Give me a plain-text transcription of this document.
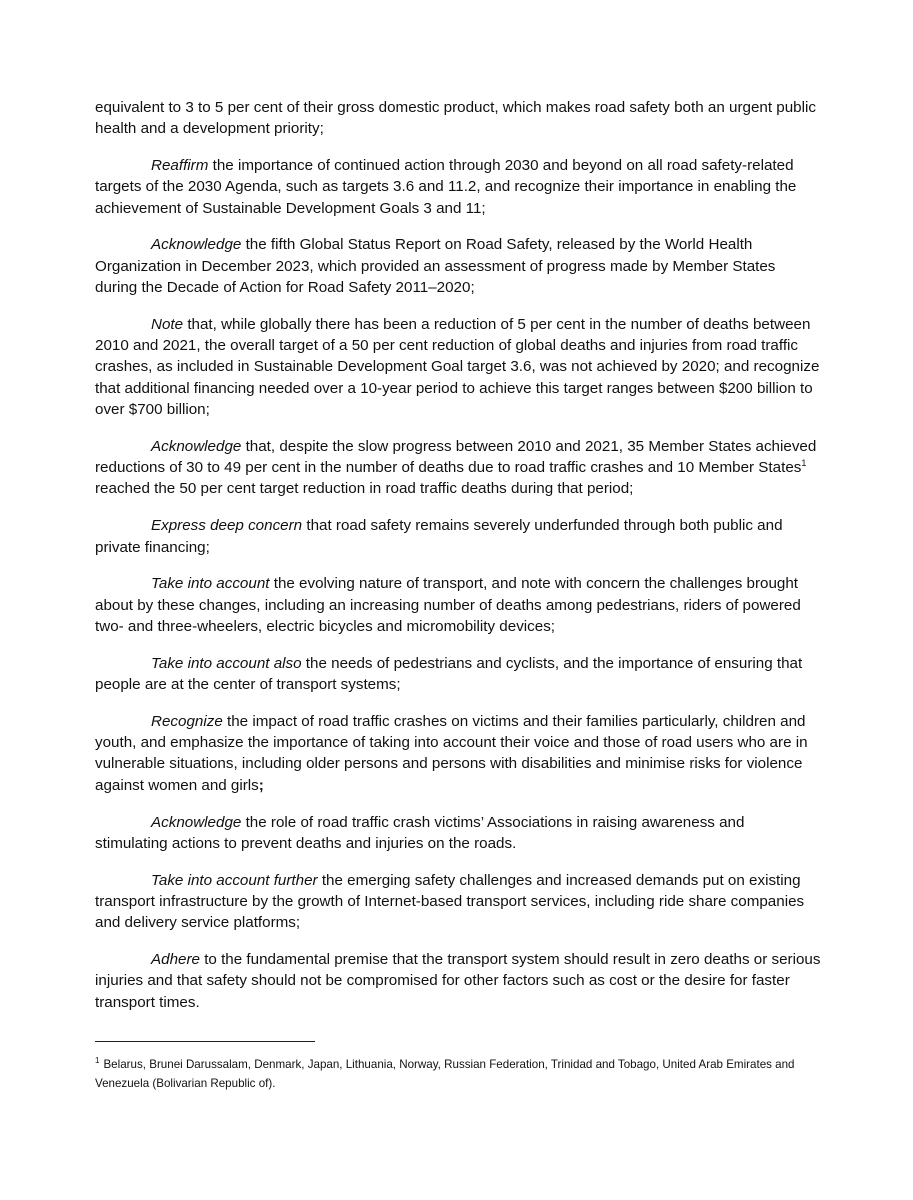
equivalent to 3 to 5 per cent of their gross domestic product, which makes road safety both an urgent public health and a development priority;

Reaffirm the importance of continued action through 2030 and beyond on all road safety-related targets of the 2030 Agenda, such as targets 3.6 and 11.2, and recognize their importance in enabling the achievement of Sustainable Development Goals 3 and 11;

Acknowledge the fifth Global Status Report on Road Safety, released by the World Health Organization in December 2023, which provided an assessment of progress made by Member States during the Decade of Action for Road Safety 2011–2020;

Note that, while globally there has been a reduction of 5 per cent in the number of deaths between 2010 and 2021, the overall target of a 50 per cent reduction of global deaths and injuries from road traffic crashes, as included in Sustainable Development Goal target 3.6, was not achieved by 2020; and recognize that additional financing needed over a 10-year period to achieve this target ranges between $200 billion to over $700 billion;

Acknowledge that, despite the slow progress between 2010 and 2021, 35 Member States achieved reductions of 30 to 49 per cent in the number of deaths due to road traffic crashes and 10 Member States$^1$ reached the 50 per cent target reduction in road traffic deaths during that period;

Express deep concern that road safety remains severely underfunded through both public and private financing;

Take into account the evolving nature of transport, and note with concern the challenges brought about by these changes, including an increasing number of deaths among pedestrians, riders of powered two- and three-wheelers, electric bicycles and micromobility devices;

Take into account also the needs of pedestrians and cyclists, and the importance of ensuring that people are at the center of transport systems;

Recognize the impact of road traffic crashes on victims and their families particularly, children and youth, and emphasize the importance of taking into account their voice and those of road users who are in vulnerable situations, including older persons and persons with disabilities and minimise risks for violence against women and girls;

Acknowledge the role of road traffic crash victims’ Associations in raising awareness and stimulating actions to prevent deaths and injuries on the roads.

Take into account further the emerging safety challenges and increased demands put on existing transport infrastructure by the growth of Internet-based transport services, including ride share companies and delivery service platforms;

Adhere to the fundamental premise that the transport system should result in zero deaths or serious injuries and that safety should not be compromised for other factors such as cost or the desire for faster transport times.

$^1$ Belarus, Brunei Darussalam, Denmark, Japan, Lithuania, Norway, Russian Federation, Trinidad and Tobago, United Arab Emirates and Venezuela (Bolivarian Republic of).
